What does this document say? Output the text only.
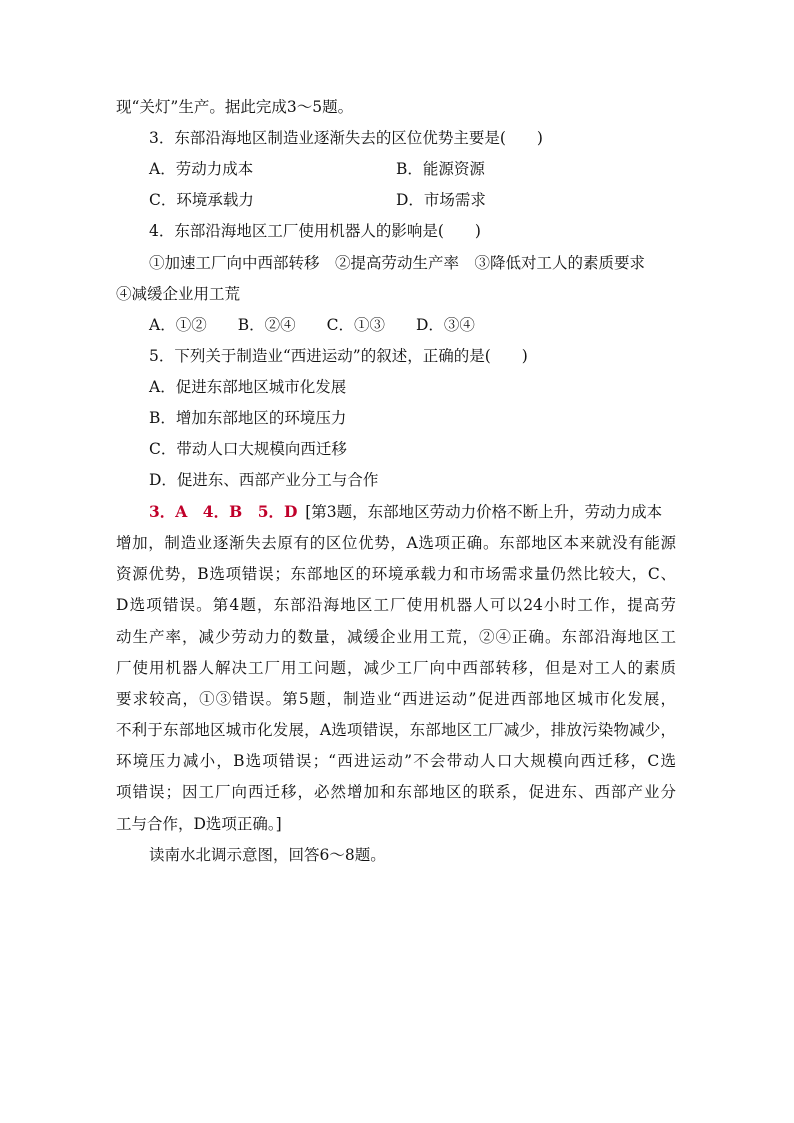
现“关灯”生产。据此完成3～5题。
3．东部沿海地区制造业逐渐失去的区位优势主要是(　　)
A．劳动力成本	B．能源资源
C．环境承载力	D．市场需求
4．东部沿海地区工厂使用机器人的影响是(　　)
①加速工厂向中西部转移　②提高劳动生产率　③降低对工人的素质要求
④减缓企业用工荒
A．①②　　B．②④　　C．①③　　D．③④
5．下列关于制造业“西进运动”的叙述，正确的是(　　)
A．促进东部地区城市化发展
B．增加东部地区的环境压力
C．带动人口大规模向西迁移
D．促进东、西部产业分工与合作
3．A　4．B　5．D  [第3题，东部地区劳动力价格不断上升，劳动力成本
增加，制造业逐渐失去原有的区位优势，A选项正确。东部地区本来就没有能源
资源优势，B选项错误；东部地区的环境承载力和市场需求量仍然比较大，C、
D选项错误。第4题，东部沿海地区工厂使用机器人可以24小时工作，提高劳
动生产率，减少劳动力的数量，减缓企业用工荒，②④正确。东部沿海地区工
厂使用机器人解决工厂用工问题，减少工厂向中西部转移，但是对工人的素质
要求较高，①③错误。第5题，制造业“西进运动”促进西部地区城市化发展，
不利于东部地区城市化发展，A选项错误，东部地区工厂减少，排放污染物减少，
环境压力减小，B选项错误；“西进运动”不会带动人口大规模向西迁移，C选
项错误；因工厂向西迁移，必然增加和东部地区的联系，促进东、西部产业分
工与合作，D选项正确。]
读南水北调示意图，回答6～8题。
